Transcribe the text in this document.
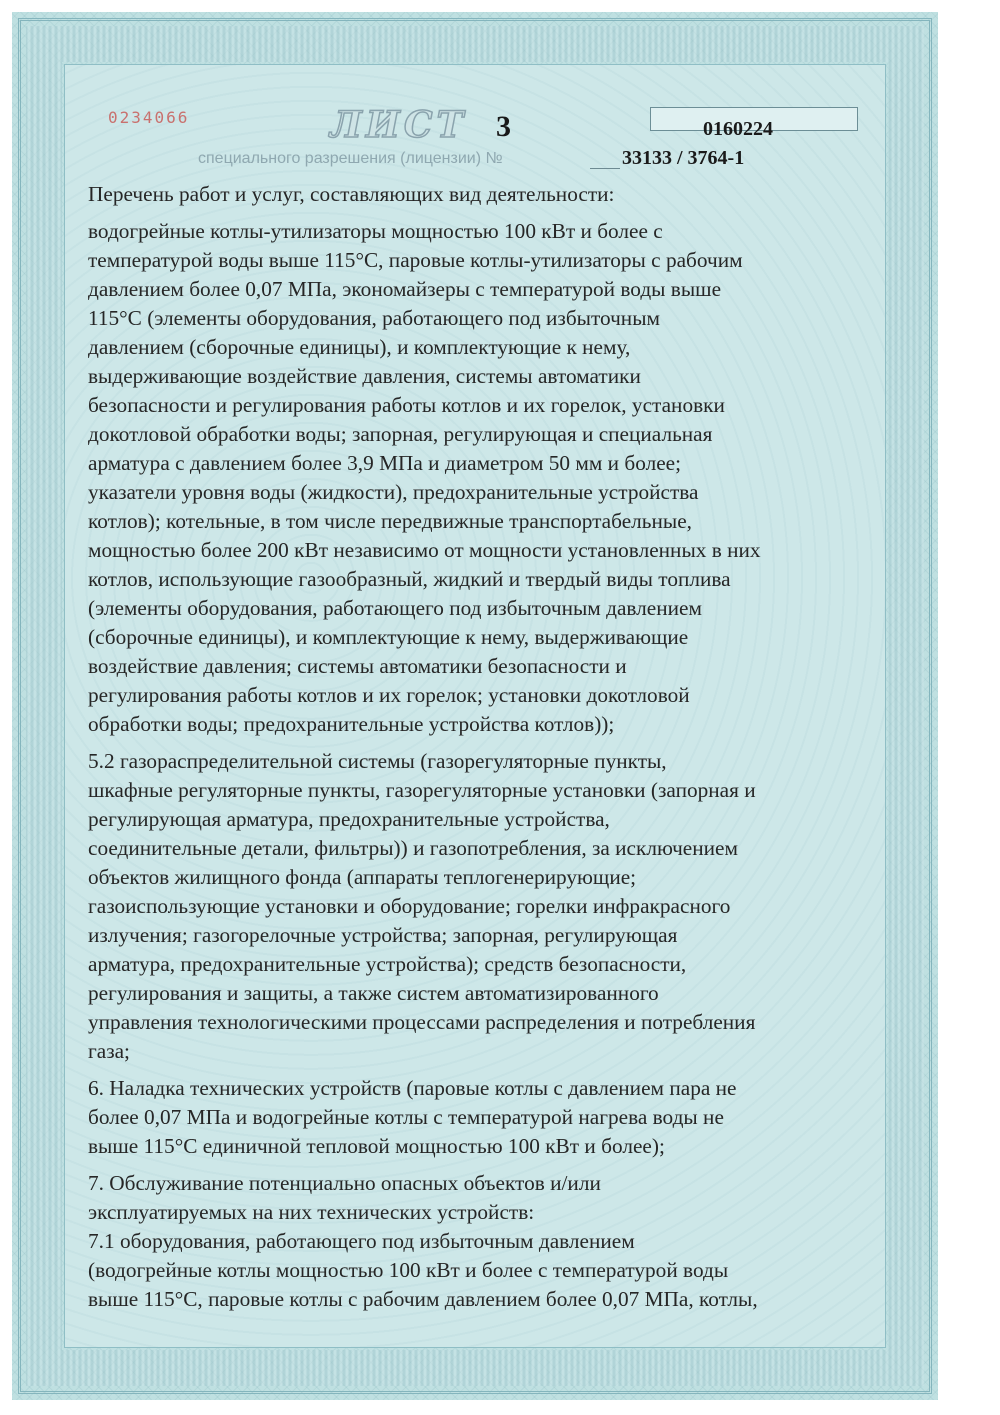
0234066	ЛИСТ 3	0160224
специального разрешения (лицензии) №	33133 / 3764-1

Перечень работ и услуг, составляющих вид деятельности:

водогрейные котлы-утилизаторы мощностью 100 кВт и более с
температурой воды выше 115°С, паровые котлы-утилизаторы с рабочим
давлением более 0,07 МПа, экономайзеры с температурой воды выше
115°С (элементы оборудования, работающего под избыточным
давлением (сборочные единицы), и комплектующие к нему,
выдерживающие воздействие давления, системы автоматики
безопасности и регулирования работы котлов и их горелок, установки
докотловой обработки воды; запорная, регулирующая и специальная
арматура с давлением более 3,9 МПа и диаметром 50 мм и более;
указатели уровня воды (жидкости), предохранительные устройства
котлов); котельные, в том числе передвижные транспортабельные,
мощностью более 200 кВт независимо от мощности установленных в них
котлов, использующие газообразный, жидкий и твердый виды топлива
(элементы оборудования, работающего под избыточным давлением
(сборочные единицы), и комплектующие к нему, выдерживающие
воздействие давления; системы автоматики безопасности и
регулирования работы котлов и их горелок; установки докотловой
обработки воды; предохранительные устройства котлов));

5.2 газораспределительной системы (газорегуляторные пункты,
шкафные регуляторные пункты, газорегуляторные установки (запорная и
регулирующая арматура, предохранительные устройства,
соединительные детали, фильтры)) и газопотребления, за исключением
объектов жилищного фонда (аппараты теплогенерирующие;
газоиспользующие установки и оборудование; горелки инфракрасного
излучения; газогорелочные устройства; запорная, регулирующая
арматура, предохранительные устройства); средств безопасности,
регулирования и защиты, а также систем автоматизированного
управления технологическими процессами распределения и потребления
газа;

6. Наладка технических устройств (паровые котлы с давлением пара не
более 0,07 МПа и водогрейные котлы с температурой нагрева воды не
выше 115°С единичной тепловой мощностью 100 кВт и более);

7. Обслуживание потенциально опасных объектов и/или
эксплуатируемых на них технических устройств:

7.1 оборудования, работающего под избыточным давлением
(водогрейные котлы мощностью 100 кВт и более с температурой воды
выше 115°С, паровые котлы с рабочим давлением более 0,07 МПа, котлы,
